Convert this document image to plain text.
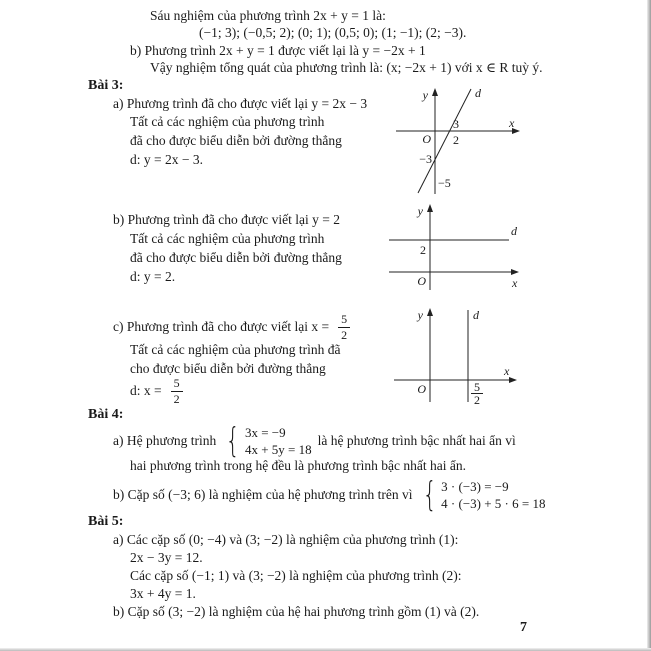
Sáu nghiệm của phương trình 2x + y = 1 là:
(−1; 3); (−0,5; 2); (0; 1); (0,5; 0); (1; −1); (2; −3).
b) Phương trình 2x + y = 1 được viết lại là y = −2x + 1
Vậy nghiệm tổng quát của phương trình là: (x; −2x + 1) với x ∈ R tuỳ ý.
Bài 3:
a) Phương trình đã cho được viết lại y = 2x − 3
Tất cả các nghiệm của phương trình
đã cho được biểu diễn bởi đường thẳng
d: y = 2x − 3.
y
x
d
O
3
2
−3
−5
b) Phương trình đã cho được viết lại y = 2
Tất cả các nghiệm của phương trình
đã cho được biểu diễn bởi đường thẳng
d: y = 2.
y
x
d
O
2
c) Phương trình đã cho được viết lại $x = \frac{5}{2}$
Tất cả các nghiệm của phương trình đã
cho được biểu diễn bởi đường thẳng
d: $x = \frac{5}{2}$
y
x
d
O	5
2
Bài 4:
a) Hệ phương trình { 3x = −9
4x + 5y = 18
là hệ phương trình bậc nhất hai ẩn vì
hai phương trình trong hệ đều là phương trình bậc nhất hai ẩn.
b) Cặp số (−3; 6) là nghiệm của hệ phương trình trên vì { 3 · (−3) = −9
4 · (−3) + 5 · 6 = 18
Bài 5:
a) Các cặp số (0; −4) và (3; −2) là nghiệm của phương trình (1):
2x − 3y = 12.
Các cặp số (−1; 1) và (3; −2) là nghiệm của phương trình (2):
3x + 4y = 1.
b) Cặp số (3; −2) là nghiệm của hệ hai phương trình gồm (1) và (2).
7
